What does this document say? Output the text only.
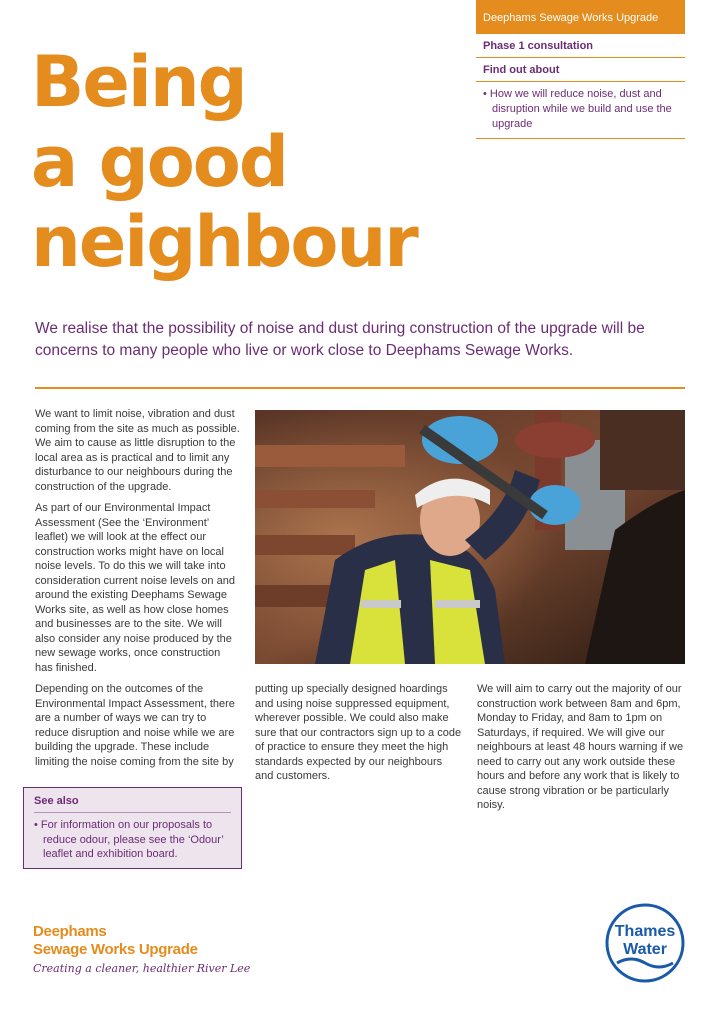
Deephams Sewage Works Upgrade
Phase 1 consultation
Find out about
• How we will reduce noise, dust and disruption while we build and use the upgrade
Being
a good
neighbour

We realise that the possibility of noise and dust during construction of the upgrade will be concerns to many people who live or work close to Deephams Sewage Works.

We want to limit noise, vibration and dust coming from the site as much as possible. We aim to cause as little disruption to the local area as is practical and to limit any disturbance to our neighbours during the construction of the upgrade.

As part of our Environmental Impact Assessment (See the ‘Environment’ leaflet) we will look at the effect our construction works might have on local noise levels. To do this we will take into consideration current noise levels on and around the existing Deephams Sewage Works site, as well as how close homes and businesses are to the site. We will also consider any noise produced by the new sewage works, once construction has finished.

Depending on the outcomes of the Environmental Impact Assessment, there are a number of ways we can try to reduce disruption and noise while we are building the upgrade. These include limiting the noise coming from the site by

putting up specially designed hoardings and using noise suppressed equipment, wherever possible. We could also make sure that our contractors sign up to a code of practice to ensure they meet the high standards expected by our neighbours and customers.

We will aim to carry out the majority of our construction work between 8am and 6pm, Monday to Friday, and 8am to 1pm on Saturdays, if required. We will give our neighbours at least 48 hours warning if we need to carry out any work outside these hours and before any work that is likely to cause strong vibration or be particularly noisy.

See also
• For information on our proposals to reduce odour, please see the ‘Odour’ leaflet and exhibition board.
Deephams
Sewage Works Upgrade
Creating a cleaner, healthier River Lee
Thames
Water
